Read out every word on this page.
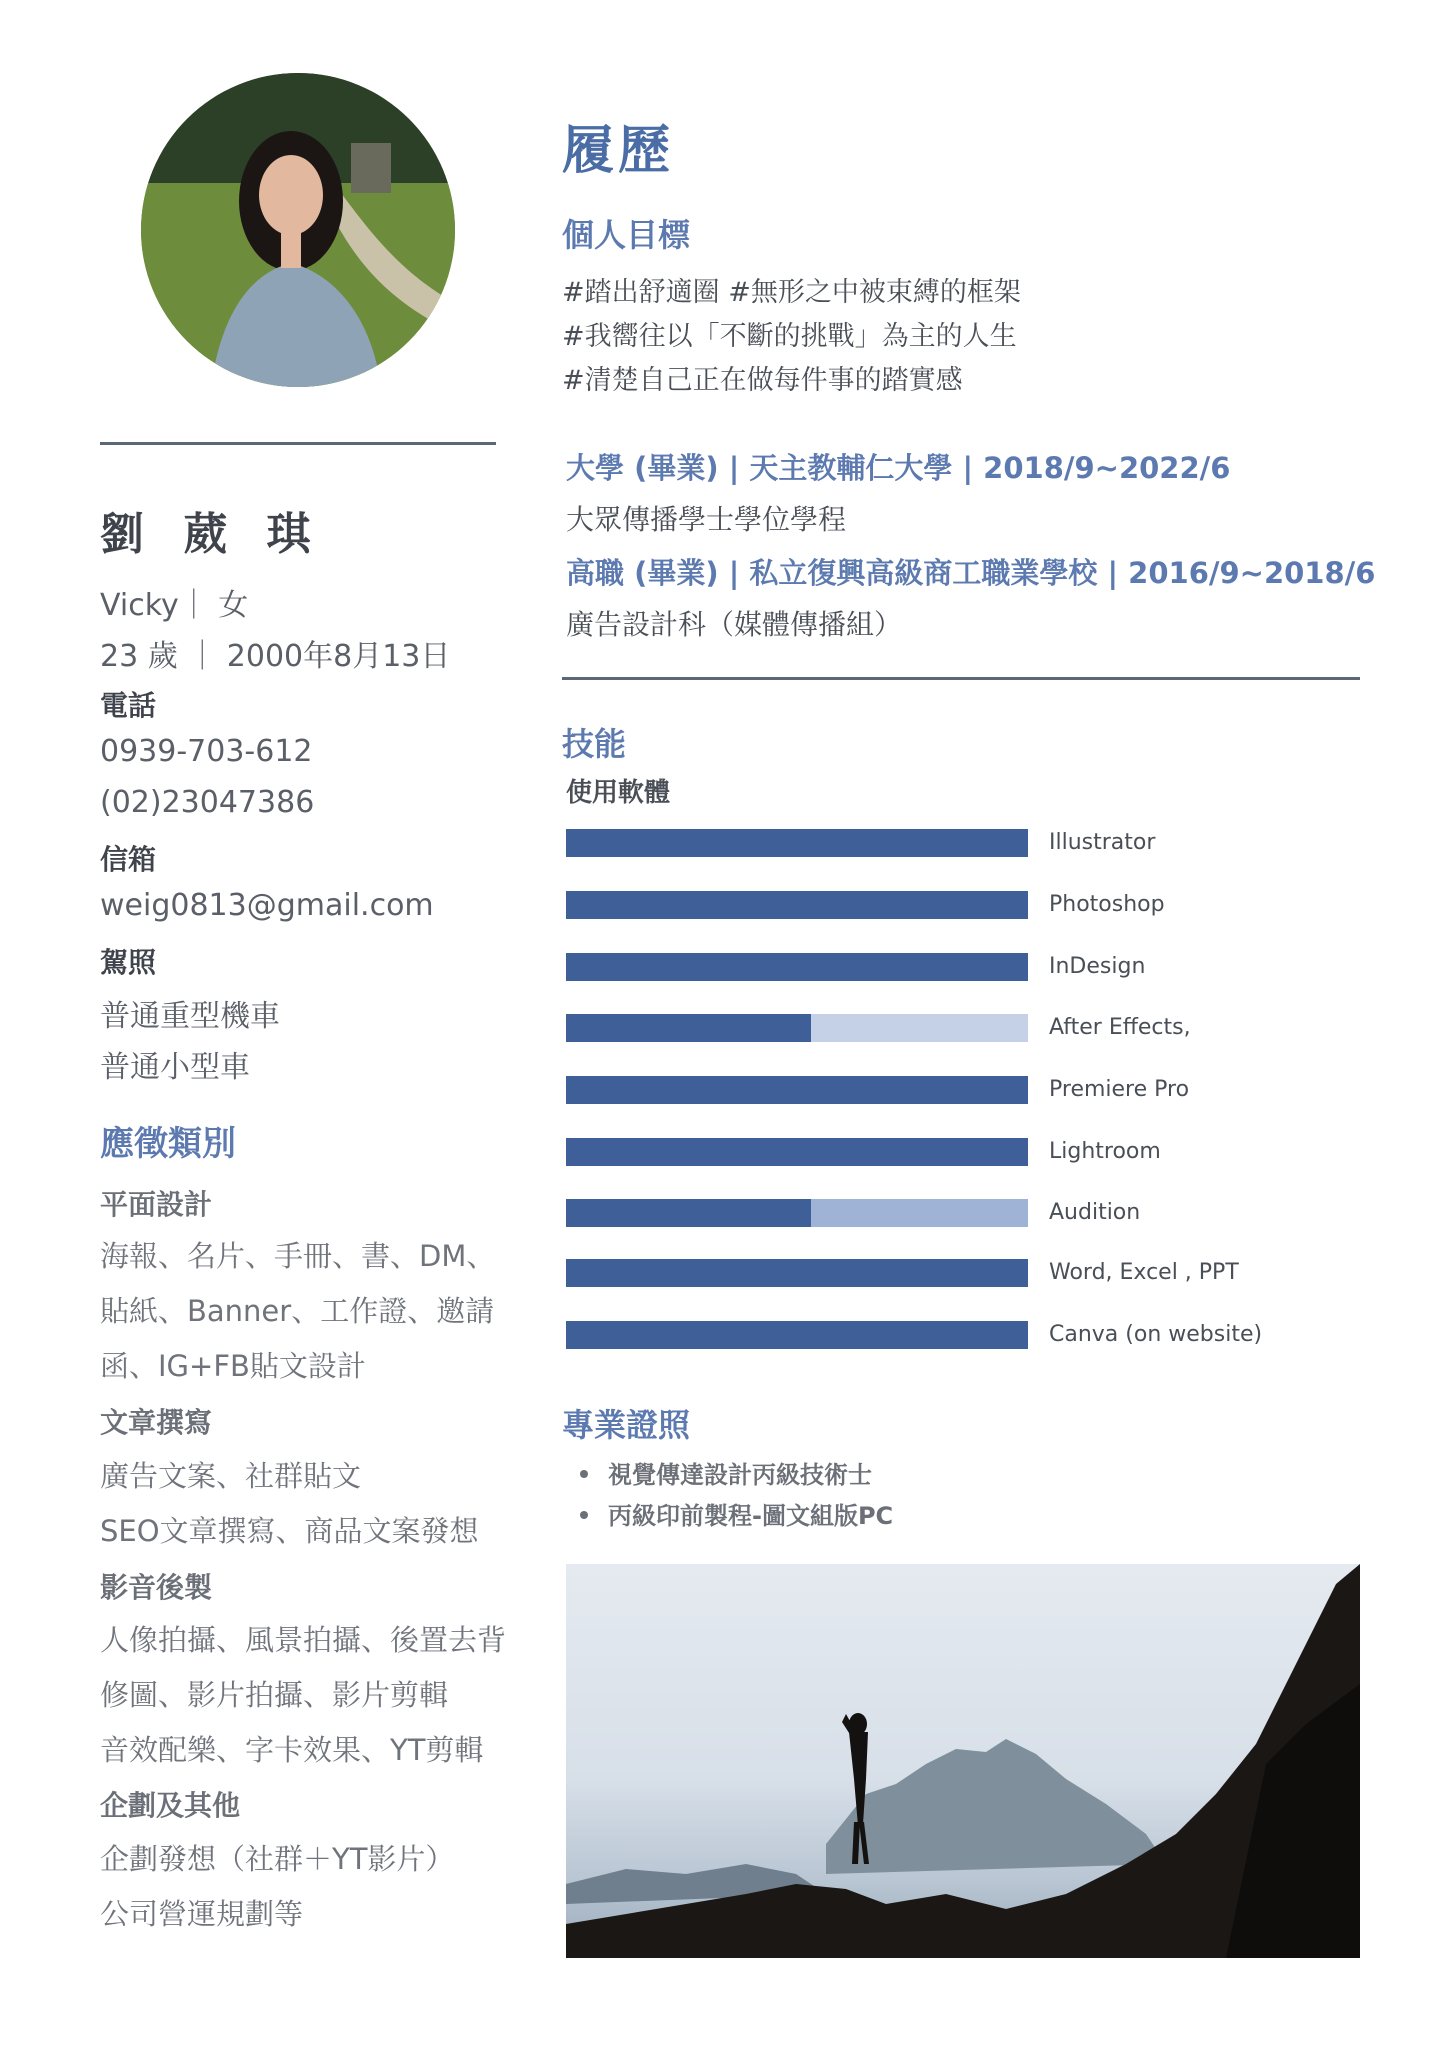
劉 葳 琪
Vicky｜ 女
23 歲 ｜ 2000年8月13日
電話
0939-703-612
(02)23047386
信箱
weig0813@gmail.com
駕照
普通重型機車
普通小型車
應徵類別
平面設計
海報、名片、手冊、書、DM、
貼紙、Banner、工作證、邀請
函、IG+FB貼文設計
文章撰寫
廣告文案、社群貼文
SEO文章撰寫、商品文案發想
影音後製
人像拍攝、風景拍攝、後置去背
修圖、影片拍攝、影片剪輯
音效配樂、字卡效果、YT剪輯
企劃及其他
企劃發想（社群＋YT影片）
公司營運規劃等
履歷
個人目標
#踏出舒適圈 #無形之中被束縛的框架
#我嚮往以「不斷的挑戰」為主的人生
#清楚自己正在做每件事的踏實感
大學 (畢業) | 天主教輔仁大學 | 2018/9~2022/6
大眾傳播學士學位學程
高職 (畢業) | 私立復興高級商工職業學校 | 2016/9~2018/6
廣告設計科（媒體傳播組）
技能
使用軟體
Illustrator
Photoshop
InDesign
After Effects,
Premiere Pro
Lightroom
Audition
Word, Excel , PPT
Canva (on website)
專業證照
視覺傳達設計丙級技術士
丙級印前製程-圖文組版PC
